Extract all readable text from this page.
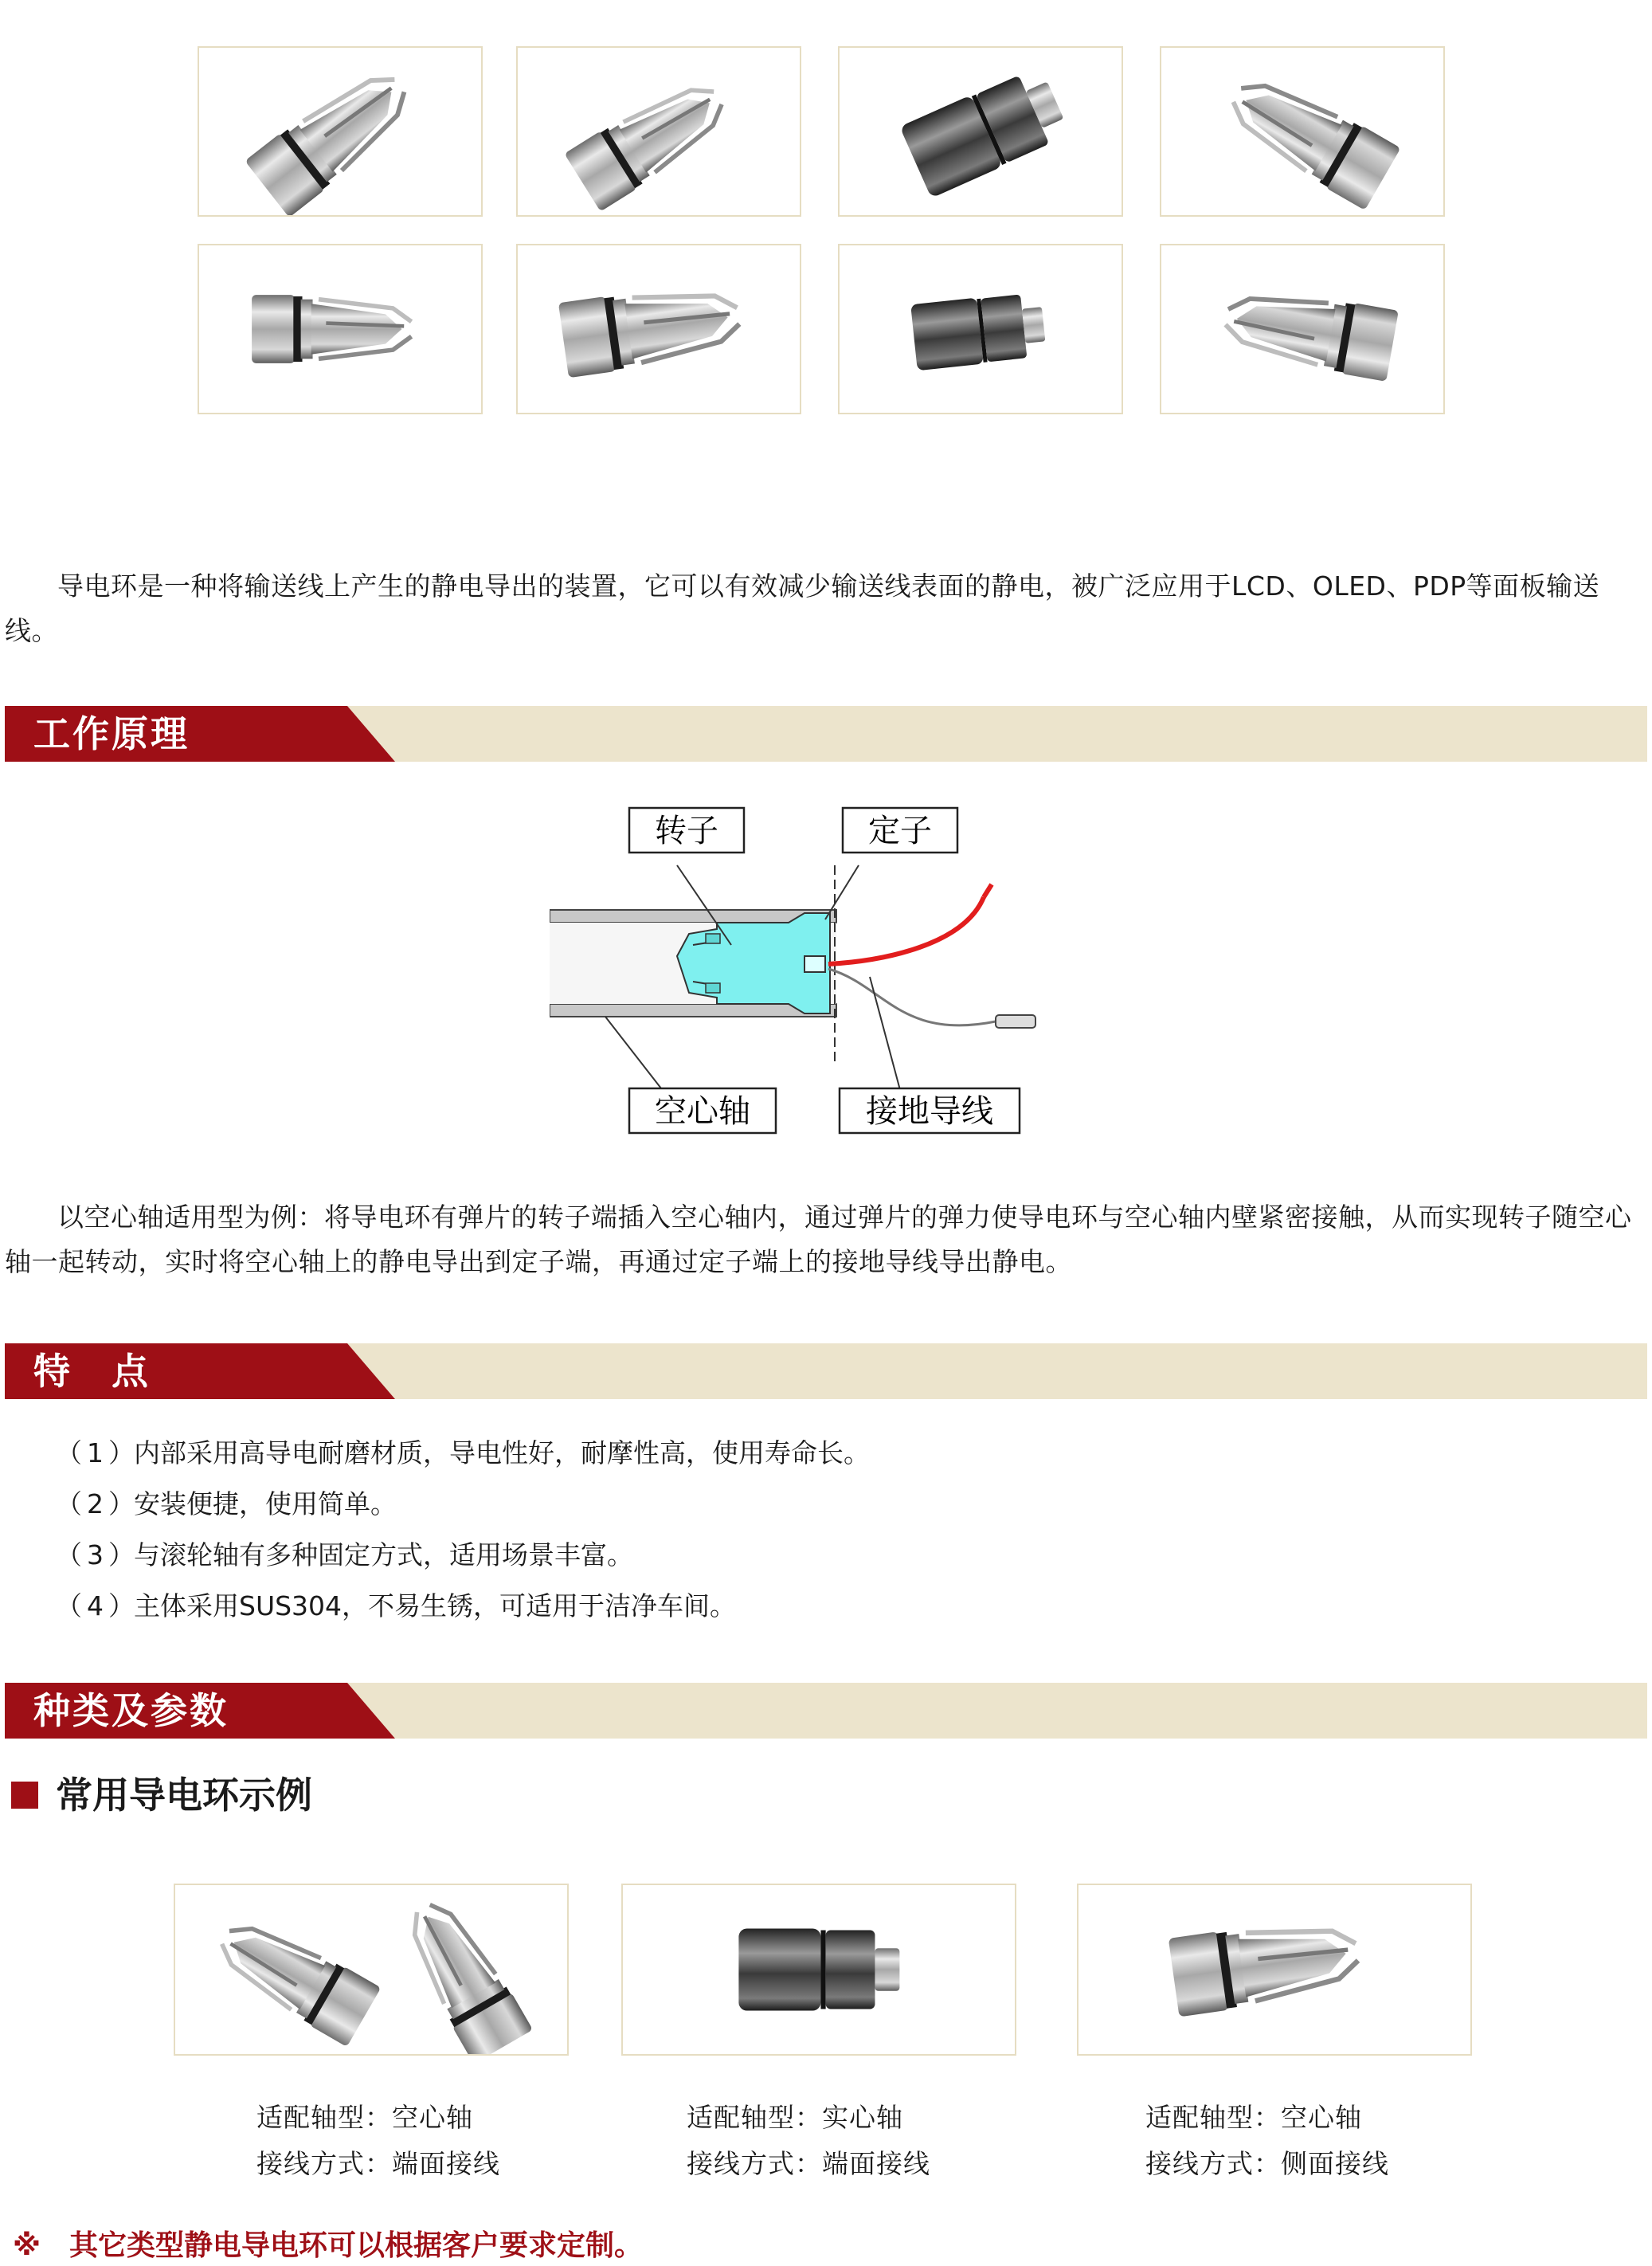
导电环是一种将输送线上产生的静电导出的装置，它可以有效减少输送线表面的静电，被广泛应用于LCD、OLED、PDP等面板输送线。
工作原理
转子	定子
空心轴	接地导线
以空心轴适用型为例：将导电环有弹片的转子端插入空心轴内，通过弹片的弹力使导电环与空心轴内壁紧密接触，从而实现转子随空心轴一起转动，实时将空心轴上的静电导出到定子端，再通过定子端上的接地导线导出静电。
特　点
（1）内部采用高导电耐磨材质，导电性好，耐摩性高，使用寿命长。
（2）安装便捷，使用简单。
（3）与滚轮轴有多种固定方式，适用场景丰富。
（4）主体采用SUS304，不易生锈，可适用于洁净车间。
种类及参数
常用导电环示例
适配轴型：空心轴
接线方式：端面接线
适配轴型：实心轴
接线方式：端面接线
适配轴型：空心轴
接线方式：侧面接线
※　其它类型静电导电环可以根据客户要求定制。
